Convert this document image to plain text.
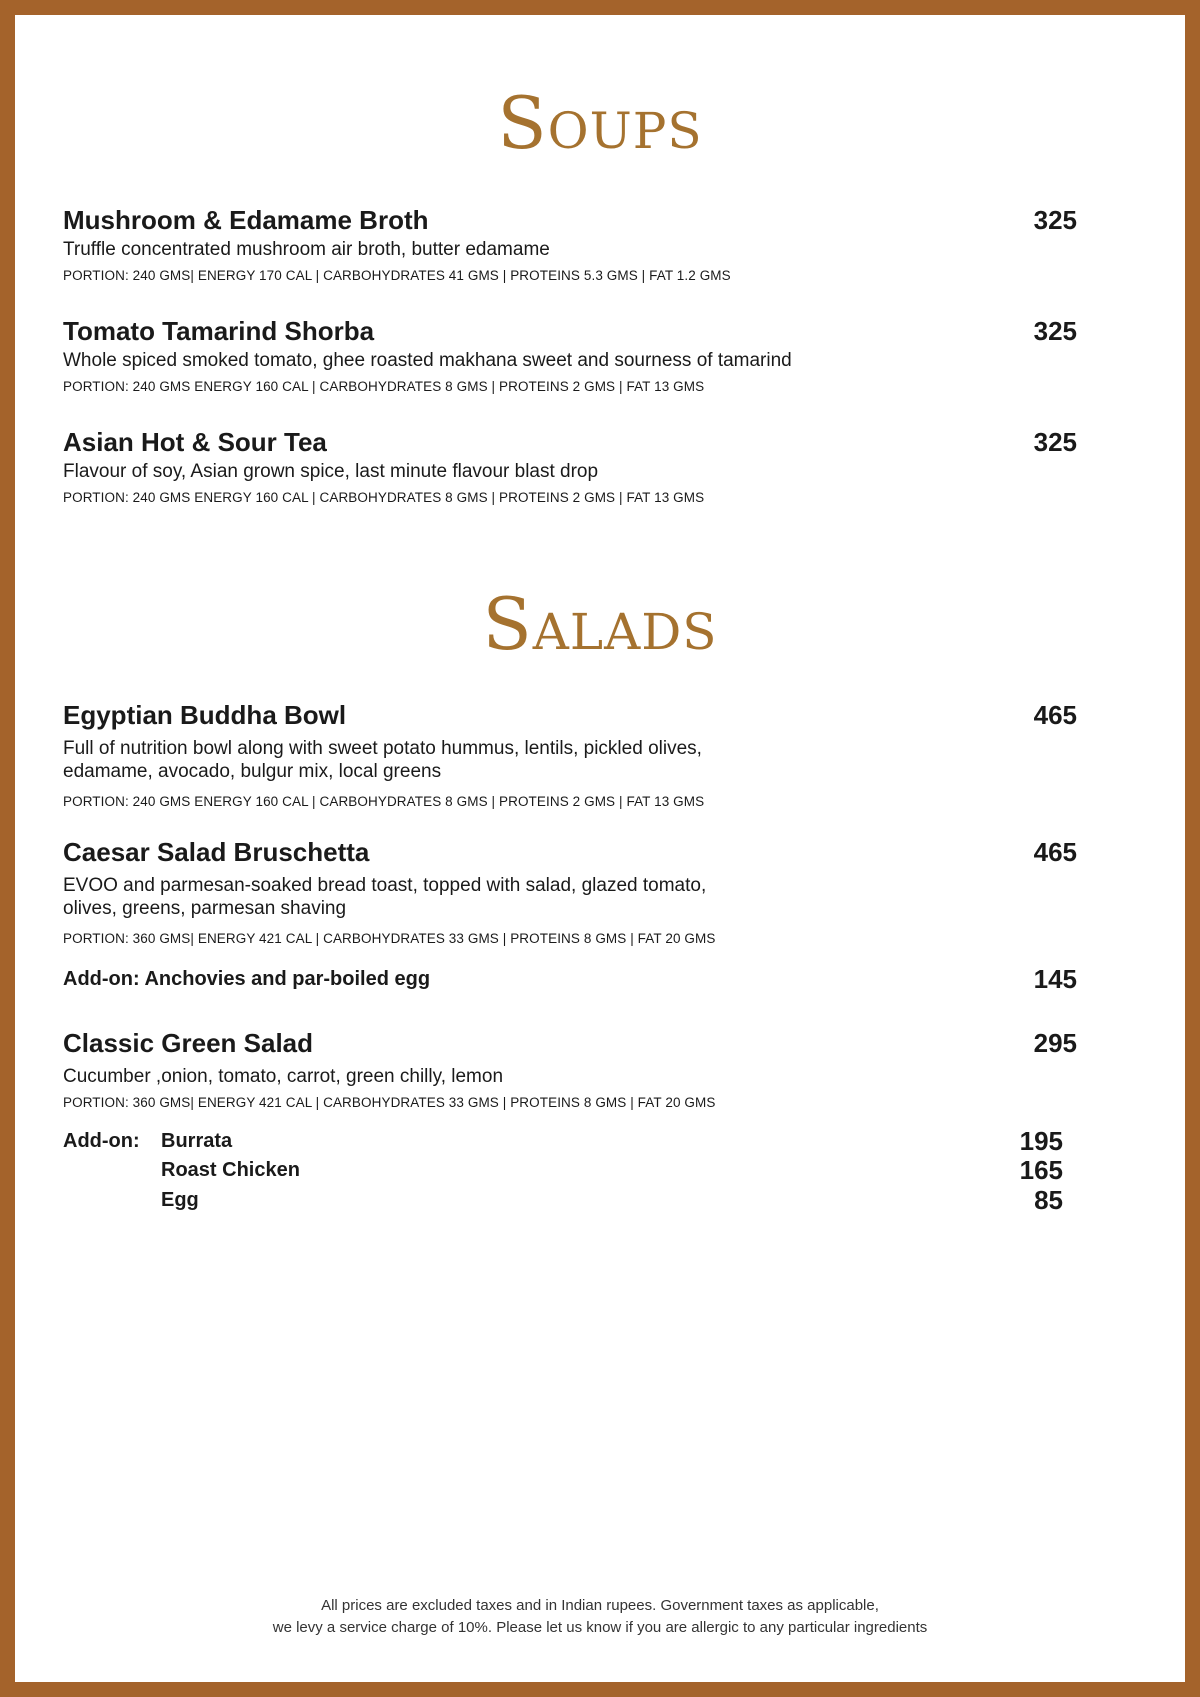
Soups
Mushroom & Edamame Broth	325
Truffle concentrated mushroom air broth, butter edamame
PORTION: 240 GMS| ENERGY 170 CAL | CARBOHYDRATES 41 GMS | PROTEINS 5.3 GMS | FAT 1.2 GMS
Tomato Tamarind Shorba	325
Whole spiced smoked tomato, ghee roasted makhana sweet and sourness of tamarind
PORTION: 240 GMS ENERGY 160 CAL | CARBOHYDRATES 8 GMS | PROTEINS 2 GMS | FAT 13 GMS
Asian Hot & Sour Tea	325
Flavour of soy, Asian grown spice, last minute flavour blast drop
PORTION: 240 GMS ENERGY 160 CAL | CARBOHYDRATES 8 GMS | PROTEINS 2 GMS | FAT 13 GMS
Salads
Egyptian Buddha Bowl	465
Full of nutrition bowl along with sweet potato hummus, lentils, pickled olives,
edamame, avocado, bulgur mix, local greens
PORTION: 240 GMS ENERGY 160 CAL | CARBOHYDRATES 8 GMS | PROTEINS 2 GMS | FAT 13 GMS
Caesar Salad Bruschetta	465
EVOO and parmesan-soaked bread toast, topped with salad, glazed tomato,
olives, greens, parmesan shaving
PORTION: 360 GMS| ENERGY 421 CAL | CARBOHYDRATES 33 GMS | PROTEINS 8 GMS | FAT 20 GMS
Add-on: Anchovies and par-boiled egg	145
Classic Green Salad	295
Cucumber ,onion, tomato, carrot, green chilly, lemon
PORTION: 360 GMS| ENERGY 421 CAL | CARBOHYDRATES 33 GMS | PROTEINS 8 GMS | FAT 20 GMS
Add-on: Burrata	195
Roast Chicken	165
Egg	85
All prices are excluded taxes and in Indian rupees. Government taxes as applicable,
we levy a service charge of 10%. Please let us know if you are allergic to any particular ingredients
